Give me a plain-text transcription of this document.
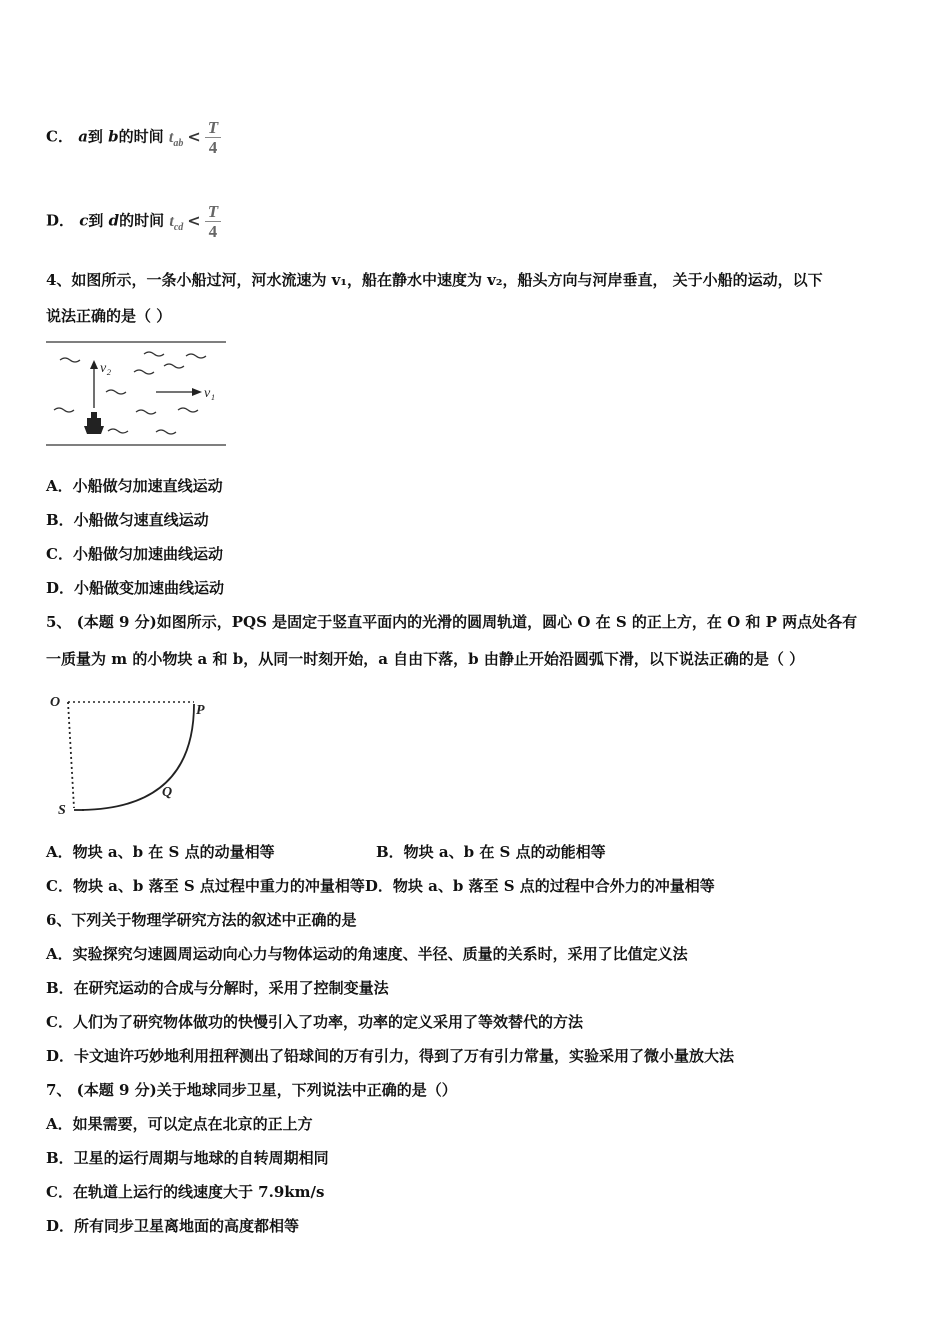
C． a到 b的时间 $t_{ab} < \frac{T}{4}$
D． c到 d的时间 $t_{cd} < \frac{T}{4}$
4、如图所示，一条小船过河，河水流速为 v₁，船在静水中速度为 v₂，船头方向与河岸垂直， 关于小船的运动，以下
说法正确的是（ ）
v₂
v₁
A．小船做匀加速直线运动
B．小船做匀速直线运动
C．小船做匀加速曲线运动
D．小船做变加速曲线运动
5、 (本题 9 分)如图所示，PQS 是固定于竖直平面内的光滑的圆周轨道，圆心 O 在 S 的正上方，在 O 和 P 两点处各有
一质量为 m 的小物块 a 和 b，从同一时刻开始，a 自由下落，b 由静止开始沿圆弧下滑，以下说法正确的是（ ）
O
P
S
Q
A．物块 a、b 在 S 点的动量相等	B．物块 a、b 在 S 点的动能相等
C．物块 a、b 落至 S 点过程中重力的冲量相等D．物块 a、b 落至 S 点的过程中合外力的冲量相等
6、下列关于物理学研究方法的叙述中正确的是
A．实验探究匀速圆周运动向心力与物体运动的角速度、半径、质量的关系时，采用了比值定义法
B．在研究运动的合成与分解时，采用了控制变量法
C．人们为了研究物体做功的快慢引入了功率，功率的定义采用了等效替代的方法
D．卡文迪许巧妙地利用扭秤测出了铅球间的万有引力，得到了万有引力常量，实验采用了微小量放大法
7、 (本题 9 分)关于地球同步卫星，下列说法中正确的是（）
A．如果需要，可以定点在北京的正上方
B．卫星的运行周期与地球的自转周期相同
C．在轨道上运行的线速度大于 7.9km/s
D．所有同步卫星离地面的高度都相等
